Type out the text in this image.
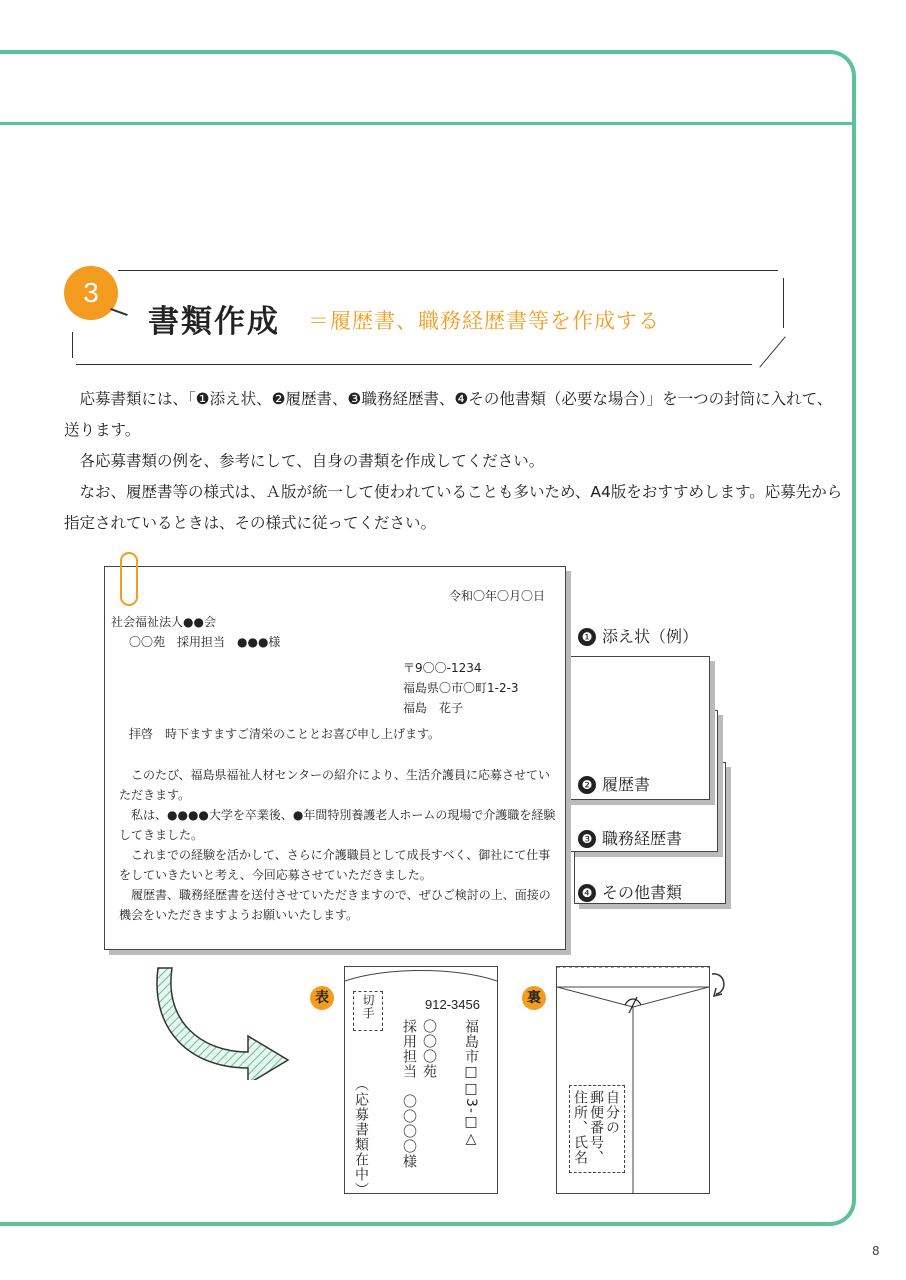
3
書類作成 ＝履歴書、職務経歴書等を作成する

　応募書類には、「❶添え状、❷履歴書、❸職務経歴書、❹その他書類（必要な場合）」を一つの封筒に入れて、送ります。

　各応募書類の例を、参考にして、自身の書類を作成してください。

　なお、履歴書等の様式は、Ａ版が統一して使われていることも多いため、A4版をおすすめします。応募先から指定されているときは、その様式に従ってください。

❶ 添え状（例）
❷ 履歴書
❸ 職務経歴書
❹ その他書類
令和〇年〇月〇日
社会福祉法人●●会
〇〇苑　採用担当　●●●様
〒9〇〇-1234
福島県〇市〇町1-2-3
福島　花子
拝啓　時下ますますご清栄のこととお喜び申し上げます。

　このたび、福島県福祉人材センターの紹介により、生活介護員に応募させていただきます。

　私は、●●●●大学を卒業後、●年間特別養護老人ホームの現場で介護職を経験してきました。

　これまでの経験を活かして、さらに介護職員として成長すべく、御社にて仕事をしていきたいと考え、今回応募させていただきました。

　履歴書、職務経歴書を送付させていただきますので、ぜひご検討の上、面接の機会をいただきますようお願いいたします。

表	切手	912-3456
福島市□□3-□△
〇〇〇苑
採用担当　〇〇〇〇様
（応募書類在中）
裏
自分の
郵便番号、
住所、氏名
8
